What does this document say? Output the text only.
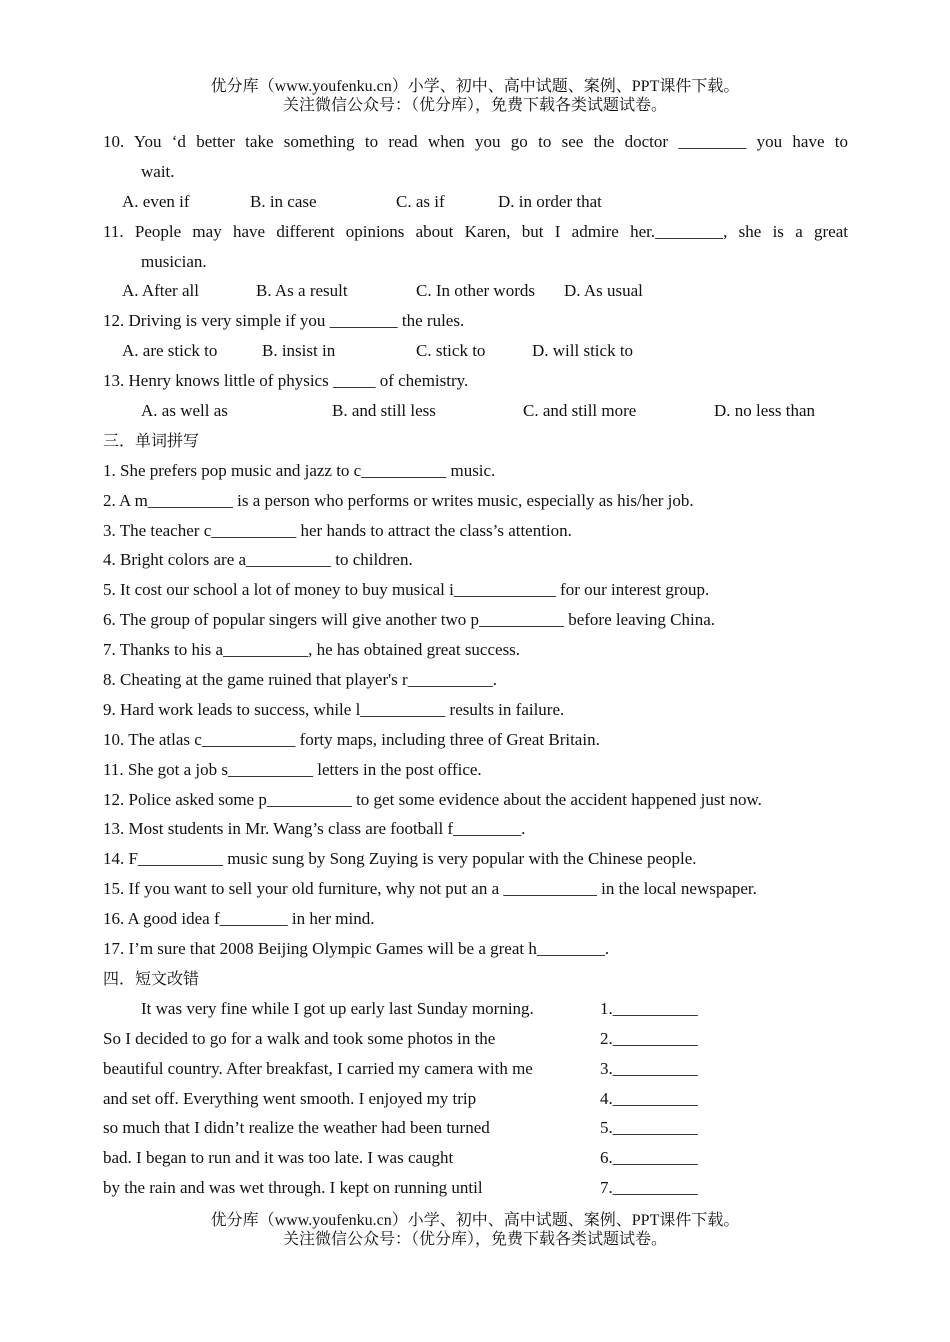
优分库（www.youfenku.cn）小学、初中、高中试题、案例、PPT课件下载。
关注微信公众号：（优分库），免费下载各类试题试卷。
10. You ‘d better take something to read when you go to see the doctor ________ you have to
wait.
A. even if	B. in case	C. as if	D. in order that
11. People may have different opinions about Karen, but I admire her.________, she is a great
musician.
A. After all	B. As a result	C. In other words	D. As usual
12. Driving is very simple if you ________ the rules.
A. are stick to	B. insist in	C. stick to	D. will stick to
13. Henry knows little of physics _____ of chemistry.
A. as well as	B. and still less	C. and still more	D. no less than
三．单词拼写
1. She prefers pop music and jazz to c__________ music.
2. A m__________ is a person who performs or writes music, especially as his/her job.
3. The teacher c__________ her hands to attract the class’s attention.
4. Bright colors are a__________ to children.
5. It cost our school a lot of money to buy musical i____________ for our interest group.
6. The group of popular singers will give another two p__________ before leaving China.
7. Thanks to his a__________, he has obtained great success.
8. Cheating at the game ruined that player's r__________.
9. Hard work leads to success, while l__________ results in failure.
10. The atlas c___________ forty maps, including three of Great Britain.
11. She got a job s__________ letters in the post office.
12. Police asked some p__________ to get some evidence about the accident happened just now.
13. Most students in Mr. Wang’s class are football f________.
14. F__________ music sung by Song Zuying is very popular with the Chinese people.
15. If you want to sell your old furniture, why not put an a ___________ in the local newspaper.
16. A good idea f________ in her mind.
17. I’m sure that 2008 Beijing Olympic Games will be a great h________.
四．短文改错
It was very fine while I got up early last Sunday morning.	1.__________
So I decided to go for a walk and took some photos in the	2.__________
beautiful country. After breakfast, I carried my camera with me	3.__________
and set off. Everything went smooth. I enjoyed my trip	4.__________
so much that I didn’t realize the weather had been turned	5.__________
bad. I began to run and it was too late. I was caught	6.__________
by the rain and was wet through. I kept on running until	7.__________
优分库（www.youfenku.cn）小学、初中、高中试题、案例、PPT课件下载。
关注微信公众号：（优分库），免费下载各类试题试卷。
